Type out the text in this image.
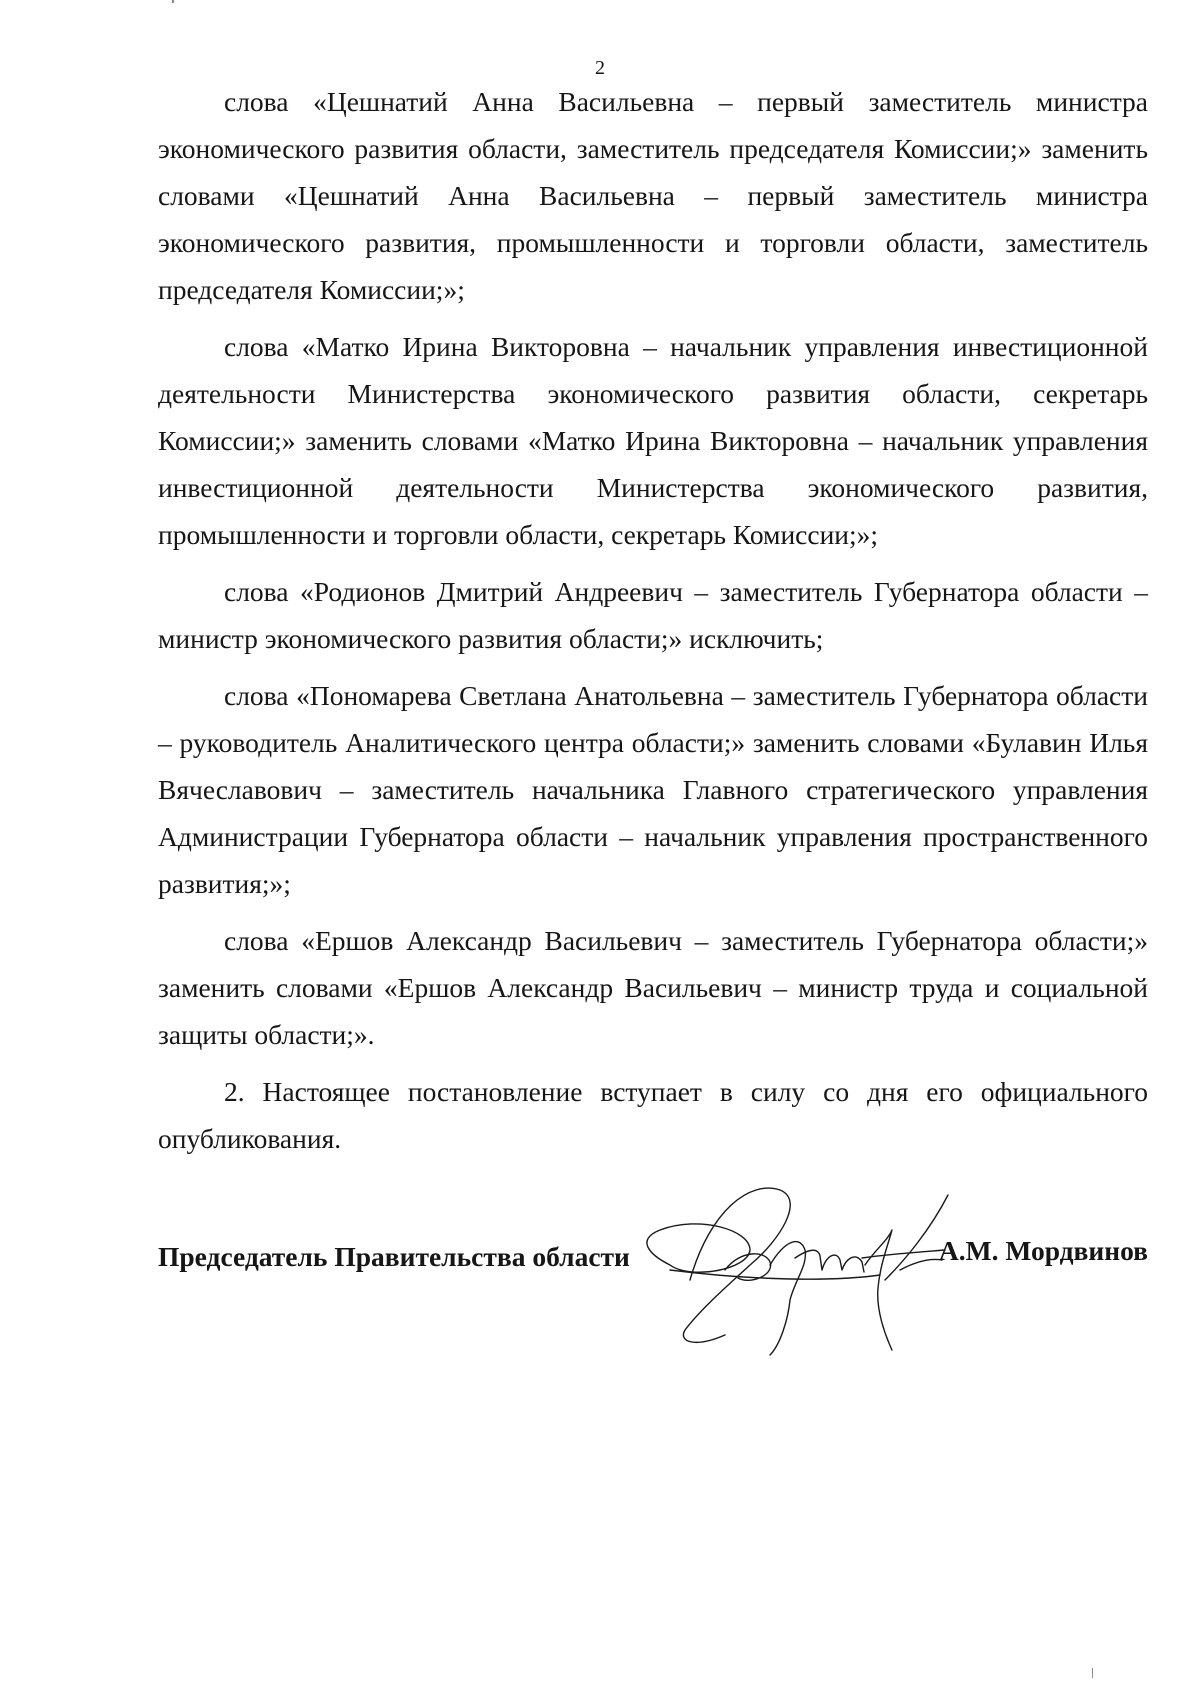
2

слова «Цешнатий Анна Васильевна – первый заместитель министра экономического развития области, заместитель председателя Комиссии;» заменить словами «Цешнатий Анна Васильевна – первый заместитель министра экономического развития, промышленности и торговли области, заместитель председателя Комиссии;»;

слова «Матко Ирина Викторовна – начальник управления инвестиционной деятельности Министерства экономического развития области, секретарь Комиссии;» заменить словами «Матко Ирина Викторовна – начальник управления инвестиционной деятельности Министерства экономического развития, промышленности и торговли области, секретарь Комиссии;»;

слова «Родионов Дмитрий Андреевич – заместитель Губернатора области – министр экономического развития области;» исключить;

слова «Пономарева Светлана Анатольевна – заместитель Губернатора области – руководитель Аналитического центра области;» заменить словами «Булавин Илья Вячеславович – заместитель начальника Главного стратегического управления Администрации Губернатора области – начальник управления пространственного развития;»;

слова «Ершов Александр Васильевич – заместитель Губернатора области;» заменить словами «Ершов Александр Васильевич – министр труда и социальной защиты области;».

2. Настоящее постановление вступает в силу со дня его официального опубликования.

Председатель Правительства области	А.М. Мордвинов
